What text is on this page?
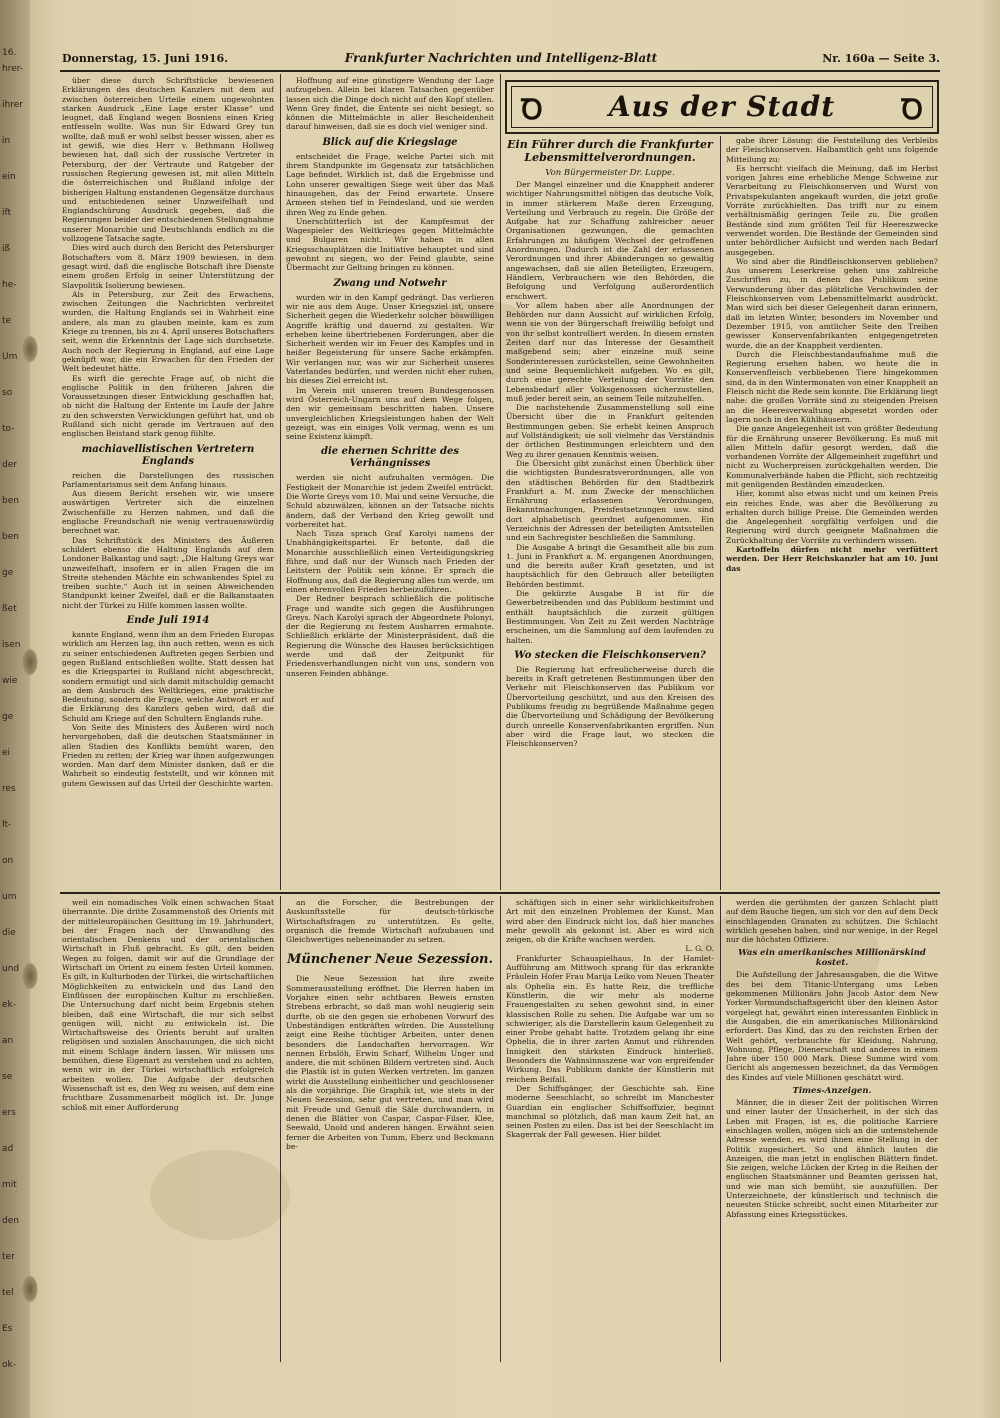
16.
hrer-
ihrer
in
ein
ift
iß
he-
te
Um
so
to-
der
ben
ben
ge
ßet
isen
wie
ge
ei
res
lt-
on
um
die
und
ek-
an
se
ers
ad
mit
den
ter
tel
Es
ok-
Donnerstag, 15. Juni 1916.	Frankfurter Nachrichten und Intelligenz-Blatt	Nr. 160a — Seite 3.

über diese durch Schriftstücke bewiesenen Erklärungen des deutschen Kanzlers mit dem auf zwischen österreichen Urteile einem ungewohnten starken Ausdruck „Eine Lage erster Klasse“ und leugnet, daß England wegen Bosniens einen Krieg entfesseln wollte. Was nun Sir Edward Grey tun wollte, daß muß er wohl selbst besser wissen, aber es ist gewiß, wie dies Herr v. Bethmann Hollweg bewiesen hat, daß sich der russische Vertreter in Petersburg, der der Vertraute und Ratgeber der russischen Regierung gewesen ist, mit allen Mitteln die österreichischen und Rußland infolge der bisherigen Haltung enstandenen Gegensätze durchaus und entschiedenen seiner Unzweifelhaft und Englandschürung Ausdruck gegeben, daß die Regierungen beider der entschiedenen Stellungnahme unserer Monarchie und Deutschlands endlich zu die vollzogene Tatsache sagte.

Dies wird auch durch den Bericht des Petersburger Botschafters vom 8. März 1909 bewiesen, in dem gesagt wird, daß die englische Botschaft ihre Dienste einem großen Erfolg in seiner Unterstützung der Slavpolitik Isolierung bewiesen.

Als in Petersburg, zur Zeit des Erwachens, zwischen Zeitungen die Nachrichten verbreitet wurden, die Haltung Englands sei in Wahrheit eine andere, als man zu glauben meinte, kam es zum Kriege zu trennen, bis zu 4. April unseres Botschafters seit, wenn die Erkenntnis der Lage sich durchsetzte. Auch noch der Regierung in England, auf eine Lage geknüpft war, die ein Erwachen für den Frieden der Welt bedeutet hätte.

Es wirft die gerechte Frage auf, ob nicht die englische Politik in den früheren Jahren die Voraussetzungen dieser Entwicklung geschaffen hat, ob nicht die Haltung der Entente im Laufe der Jahre zu den schwersten Verwicklungen geführt hat, und ob Rußland sich nicht gerade im Vertrauen auf den englischen Beistand stark genug fühlte.

machiavellistischen Vertretern Englands

reichen die Darstellungen des russischen Parlamentarismus seit dem Anfang hinaus.

Aus diesem Bericht ersehen wir, wie unsere auswärtigen Vertreter sich die einzelnen Zwischenfälle zu Herzen nahmen, und daß die englische Freundschaft nie wenig vertrauenswürdig berechnet war.

Das Schriftstück des Ministers des Äußeren schildert ebenso die Haltung Englands auf dem Londoner Balkantag und sagt: „Die Haltung Greys war unzweifelhaft, insofern er in allen Fragen die im Streite stehenden Mächte ein schwankendes Spiel zu treiben suchte.“ Auch ist in seinen Abweichenden Standpunkt keiner Zweifel, daß er die Balkanstaaten nicht der Türkei zu Hilfe kommen lassen wollte.

Ende Juli 1914

kannte England, wenn ihm an dem Frieden Europas wirklich am Herzen lag, ihn auch retten, wenn es sich zu seiner entschiedenen Auftreten gegen Serbien und gegen Rußland entschließen wollte. Statt dessen hat es die Kriegspartei in Rußland nicht abgeschreckt, sondern ermutigt und sich damit mitschuldig gemacht an dem Ausbruch des Weltkrieges, eine praktische Bedeutung, sondern die Frage, welche Antwort er auf die Erklärung des Kanzlers geben wird, daß die Schuld am Kriege auf den Schultern Englands ruhe.

Von Seite des Ministers des Äußeren wird noch hervorgehoben, daß die deutschen Staatsmänner in allen Stadien des Konflikts bemüht waren, den Frieden zu retten; der Krieg war ihnen aufgezwungen worden. Man darf dem Minister danken, daß er die Wahrheit so eindeutig feststellt, und wir können mit gutem Gewissen auf das Urteil der Geschichte warten.

Hoffnung auf eine günstigere Wendung der Lage aufzugeben. Allein bei klaren Tatsachen gegenüber lassen sich die Dinge doch nicht auf den Kopf stellen. Wenn Grey findet, die Entente sei nicht besiegt, so können die Mittelmächte in aller Bescheidenheit darauf hinweisen, daß sie es doch viel weniger sind.

Blick auf die Kriegslage

entscheidet die Frage, welche Partei sich mit ihrem Standpunkte im Gegensatz zur tatsächlichen Lage befindet. Wirklich ist, daß die Ergebnisse und Lohn unserer gewaltigen Siege weit über das Maß hinausgehen, das der Feind erwartete. Unsere Armeen stehen tief in Feindesland, und sie werden ihren Weg zu Ende gehen.

Unerschütterlich ist der Kampfesmut der Wagespieler des Weltkrieges gegen Mittelmächte und Bulgaren nicht. Wir haben in allen Kriegsschauplätzen die Initiative behauptet und sind gewohnt zu siegen, wo der Feind glaubte, seine Übermacht zur Geltung bringen zu können.

Zwang und Notwehr

wurden wir in den Kampf gedrängt. Das verlieren wir nie aus dem Auge. Unser Kriegsziel ist, unsere Sicherheit gegen die Wiederkehr solcher böswilligen Angriffe kräftig und dauernd zu gestalten. Wir erheben keine übertriebenen Forderungen, aber die Sicherheit werden wir im Feuer des Kampfes und in heißer Begeisterung für unsere Sache erkämpfen. Wir verlangen nur, was wir zur Sicherheit unseres Vaterlandes bedürfen, und werden nicht eher ruhen, bis dieses Ziel erreicht ist.

Im Verein mit unseren treuen Bundesgenossen wird Österreich-Ungarn uns auf dem Wege folgen, den wir gemeinsam beschritten haben. Unsere unvergleichlichen Kriegsleistungen haben der Welt gezeigt, was ein einiges Volk vermag, wenn es um seine Existenz kämpft.

die ehernen Schritte des Verhängnisses

werden sie nicht aufzuhalten vermögen. Die Festigkeit der Monarchie ist jedem Zweifel entrückt. Die Worte Greys vom 10. Mai und seine Versuche, die Schuld abzuwälzen, können an der Tatsache nichts ändern, daß der Verband den Krieg gewollt und vorbereitet hat.

Nach Tisza sprach Graf Karolyi namens der Unabhängigkeitspartei. Er betonte, daß die Monarchie ausschließlich einen Verteidigungskrieg führe, und daß nur der Wunsch nach Frieden der Leitstern der Politik sein könne. Er sprach die Hoffnung aus, daß die Regierung alles tun werde, um einen ehrenvollen Frieden herbeizuführen.

Der Redner besprach schließlich die politische Frage und wandte sich gegen die Ausführungen Greys. Nach Karolyi sprach der Abgeordnete Polonyi, der die Regierung zu festem Ausharren ermahnte. Schließlich erklärte der Ministerpräsident, daß die Regierung die Wünsche des Hauses berücksichtigen werde und daß der Zeitpunkt für Friedensverhandlungen nicht von uns, sondern von unseren Feinden abhänge.

Ꝺ	Aus der Stadt	Ꝺ
Ein Führer durch die Frankfurter Lebensmittelverordnungen.
Von Bürgermeister Dr. Luppe.

Der Mangel einzelner und die Knappheit anderer wichtiger Nahrungsmittel nötigen das deutsche Volk, in immer stärkerem Maße deren Erzeugung, Verteilung und Verbrauch zu regeln. Die Größe der Aufgabe hat zur Schaffung zahlreicher neuer Organisationen gezwungen, die gemachten Erfahrungen zu häufigem Wechsel der getroffenen Anordnungen. Dadurch ist die Zahl der erlassenen Verordnungen und ihrer Abänderungen so gewaltig angewachsen, daß sie allen Beteiligten, Erzeugern, Händlern, Verbrauchern wie den Behörden, die Befolgung und Verfolgung außerordentlich erschwert.

Vor allem haben aber alle Anordnungen der Behörden nur dann Aussicht auf wirklichen Erfolg, wenn sie von der Bürgerschaft freiwillig befolgt und von ihr selbst kontrolliert werden. In diesem ernsten Zeiten darf nur das Interesse der Gesamtheit maßgebend sein; aber einzelne muß seine Sonderinteressen zurückstellen, seine Gewohnheiten und seine Bequemlichkeit aufgeben. Wo es gilt, durch eine gerechte Verteilung der Vorräte den Lebensbedarf aller Volksgenossen sicherzustellen, muß jeder bereit sein, an seinem Teile mitzuhelfen.

Die nachstehende Zusammenstellung soll eine Übersicht über die in Frankfurt geltenden Bestimmungen geben. Sie erhebt keinen Anspruch auf Vollständigkeit; sie soll vielmehr das Verständnis der örtlichen Bestimmungen erleichtern und den Weg zu ihrer genauen Kenntnis weisen.

Die Übersicht gibt zunächst einen Überblick über die wichtigsten Bundesratsverordnungen, alle von den städtischen Behörden für den Stadtbezirk Frankfurt a. M. zum Zwecke der menschlichen Ernährung erlassenen Verordnungen, Bekanntmachungen, Preisfestsetzungen usw. sind dort alphabetisch geordnet aufgenommen. Ein Verzeichnis der Adressen der beteiligten Amtsstellen und ein Sachregister beschließen die Sammlung.

Die Ausgabe A bringt die Gesamtheit alle bis zum 1. Juni in Frankfurt a. M. ergangenen Anordnungen, und die bereits außer Kraft gesetzten, und ist hauptsächlich für den Gebrauch aller beteiligten Behörden bestimmt.

Die gekürzte Ausgabe B ist für die Gewerbetreibenden und das Publikum bestimmt und enthält hauptsächlich die zurzeit gültigen Bestimmungen. Von Zeit zu Zeit werden Nachträge erscheinen, um die Sammlung auf dem laufenden zu halten.

Wo stecken die Fleischkonserven?

Die Regierung hat erfreulicherweise durch die bereits in Kraft getretenen Bestimmungen über den Verkehr mit Fleischkonserven das Publikum vor Übervorteilung geschützt, und aus den Kreisen des Publikums freudig zu begrüßende Maßnahme gegen die Übervorteilung und Schädigung der Bevölkerung durch unreelle Konservenfabrikanten ergriffen. Nun aber wird die Frage laut, wo stecken die Fleischkonserven?

gabe ihrer Lösung: die Feststellung des Verbleibs der Fleischkonserven. Halbamtlich geht uns folgende Mitteilung zu:

Es herrscht vielfach die Meinung, daß im Herbst vorigen Jahres eine erhebliche Menge Schweine zur Verarbeitung zu Fleischkonserven und Wurst von Privatspekulanten angekauft wurden, die jetzt große Vorräte zurückhielten. Das trifft nur zu einem verhältnismäßig geringen Teile zu. Die großen Bestände sind zum größten Teil für Heereszwecke verwendet worden. Die Bestände der Gemeinden sind unter behördlicher Aufsicht und werden nach Bedarf ausgegeben.

Wo sind aber die Rindfleischkonserven geblieben? Aus unserem Leserkreise gehen uns zahlreiche Zuschriften zu, in denen das Publikum seine Verwunderung über das plötzliche Verschwinden der Fleischkonserven vom Lebensmittelmarkt ausdrückt. Man wird sich bei dieser Gelegenheit daran erinnern, daß im letzten Winter, besonders im November und Dezember 1915, von amtlicher Seite den Treiben gewisser Konservenfabrikanten entgegengetreten wurde, die an der Knappheit verdienten.

Durch die Fleischbestandaufnahme muß die Regierung ersehen haben, wo heute die in Konservenfleisch verbliebenen Tiere hingekommen sind, da in den Wintermonaten von einer Knappheit an Fleisch nicht die Rede sein konnte. Die Erklärung liegt nahe: die großen Vorräte sind zu steigenden Preisen an die Heeresverwaltung abgesetzt worden oder lagern noch in den Kühlhäusern.

Die ganze Angelegenheit ist von größter Bedeutung für die Ernährung unserer Bevölkerung. Es muß mit allen Mitteln dafür gesorgt werden, daß die vorhandenen Vorräte der Allgemeinheit zugeführt und nicht zu Wucherpreisen zurückgehalten werden. Die Kommunalverbände haben die Pflicht, sich rechtzeitig mit genügenden Beständen einzudecken.

Hier, kommt also etwas nicht und um keinen Preis ein reiches Ende, was aber die Bevölkerung zu erhalten durch billige Preise. Die Gemeinden werden die Angelegenheit sorgfältig verfolgen und die Regierung wird durch geeignete Maßnahmen die Zurückhaltung der Vorräte zu verhindern wissen.

Kartoffeln dürfen nicht mehr verfüttert werden. Der Herr Reichskanzler hat am 10. Juni das

weil ein nomadisches Volk einen schwachen Staat überrannte. Die dritte Zusammenstoß des Orients mit der mitteleuropäischen Gesittung im 19. Jahrhundert, bei der Fragen nach der Umwandlung des orientalischen Denkens und der orientalischen Wirtschaft in Fluß gebracht. Es gilt, den beiden Wegen zu folgen, damit wir auf die Grundlage der Wirtschaft im Orient zu einem festen Urteil kommen. Es gilt, in Kulturboden der Türkei, die wirtschaftlichen Möglichkeiten zu entwickeln und das Land den Einflüssen der europäischen Kultur zu erschließen. Die Untersuchung darf nicht beim Ergebnis stehen bleiben, daß eine Wirtschaft, die nur sich selbst genügen will, nicht zu entwickeln ist. Die Wirtschaftsweise des Orients beruht auf uralten religiösen und sozialen Anschauungen, die sich nicht mit einem Schlage ändern lassen. Wir müssen uns bemühen, diese Eigenart zu verstehen und zu achten, wenn wir in der Türkei wirtschaftlich erfolgreich arbeiten wollen. Die Aufgabe der deutschen Wissenschaft ist es, den Weg zu weisen, auf dem eine fruchtbare Zusammenarbeit möglich ist. Dr. Junge schloß mit einer Aufforderung

an die Forscher, die Bestrebungen der Auskunftsstelle für deutsch-türkische Wirtschaftsfragen zu unterstützen. Es gelte, organisch die fremde Wirtschaft aufzubauen und Gleichwertiges nebeneinander zu setzen.

Münchener Neue Sezession.

Die Neue Sezession hat ihre zweite Sommerausstellung eröffnet. Die Herren haben im Vorjahre einen sehr achtbaren Beweis ernsten Strebens erbracht, so daß man wohl neugierig sein durfte, ob sie den gegen sie erhobenen Vorwurf des Unbeständigen entkräften würden. Die Ausstellung zeigt eine Reihe tüchtiger Arbeiten, unter denen besonders die Landschaften hervorragen. Wir nennen Erbslöh, Erwin Scharf, Wilhelm Unger und andere, die mit schönen Bildern vertreten sind. Auch die Plastik ist in guten Werken vertreten. Im ganzen wirkt die Ausstellung einheitlicher und geschlossener als die vorjährige. Die Graphik ist, wie stets in der Neuen Sezession, sehr gut vertreten, und man wird mit Freude und Genuß die Säle durchwandern, in denen die Blätter von Caspar, Caspar-Filser, Klee, Seewald, Unold und anderen hängen. Erwähnt seien ferner die Arbeiten von Tumm, Eberz und Beckmann be-

schäftigen sich in einer sehr wirklichkeitsfrohen Art mit den einzelnen Problemen der Kunst. Man wird aber den Eindruck nicht los, daß hier manches mehr gewollt als gekonnt ist. Aber es wird sich zeigen, ob die Kräfte wachsen werden.

L. G. O.

Frankfurter Schauspielhaus. In der Hamlet-Aufführung am Mittwoch sprang für das erkrankte Fräulein Hofer Frau Marija Leiko vom Neuen Theater als Ophelia ein. Es hatte Reiz, die treffliche Künstlerin, die wir mehr als moderne Frauengestalten zu sehen gewohnt sind, in einer klassischen Rolle zu sehen. Die Aufgabe war um so schwieriger, als die Darstellerin kaum Gelegenheit zu einer Probe gehabt hatte. Trotzdem gelang ihr eine Ophelia, die in ihrer zarten Anmut und rührenden Innigkeit den stärksten Eindruck hinterließ. Besonders die Wahnsinnsszene war von ergreifender Wirkung. Das Publikum dankte der Künstlerin mit reichem Beifall.

Der Schiffsgänger, der Geschichte sah. Eine moderne Seeschlacht, so schreibt im Manchester Guardian ein englischer Schiffsoffizier, beginnt manchmal so plötzlich, daß man kaum Zeit hat, an seinen Posten zu eilen. Das ist bei der Seeschlacht im Skagerrak der Fall gewesen. Hier bildet

werden die gerühmten der ganzen Schlacht platt auf dem Bauche liegen, um sich vor den auf dem Deck einschlagenden Granaten zu schützen. Die Schlacht wirklich gesehen haben, sind nur wenige, in der Regel nur die höchsten Offiziere.

Was ein amerikanisches Millionärskind kostet.

Die Aufstellung der Jahresausgaben, die die Witwe des bei dem Titanic-Untergang ums Leben gekommenen Millionärs John Jacob Astor dem New Yorker Vormundschaftsgericht über den kleinen Astor vorgelegt hat, gewährt einen interessanten Einblick in die Ausgaben, die ein amerikanisches Millionärskind erfordert. Das Kind, das zu den reichsten Erben der Welt gehört, verbrauchte für Kleidung, Nahrung, Wohnung, Pflege, Dienerschaft und anderes in einem Jahre über 150 000 Mark. Diese Summe wird vom Gericht als angemessen bezeichnet, da das Vermögen des Kindes auf viele Millionen geschätzt wird.

Times-Anzeigen.

Männer, die in dieser Zeit der politischen Wirren und einer lauter der Unsicherheit, in der sich das Leben mit Fragen, ist es, die politische Karriere einschlagen wollen, mögen sich an die untenstehende Adresse wenden, es wird ihnen eine Stellung in der Politik zugesichert. So und ähnlich lauten die Anzeigen, die man jetzt in englischen Blättern findet. Sie zeigen, welche Lücken der Krieg in die Reihen der englischen Staatsmänner und Beamten gerissen hat, und wie man sich bemüht, sie auszufüllen. Der Unterzeichnete, der künstlerisch und technisch die neuesten Stücke schreibt, sucht einen Mitarbeiter zur Abfassung eines Kriegsstückes.
